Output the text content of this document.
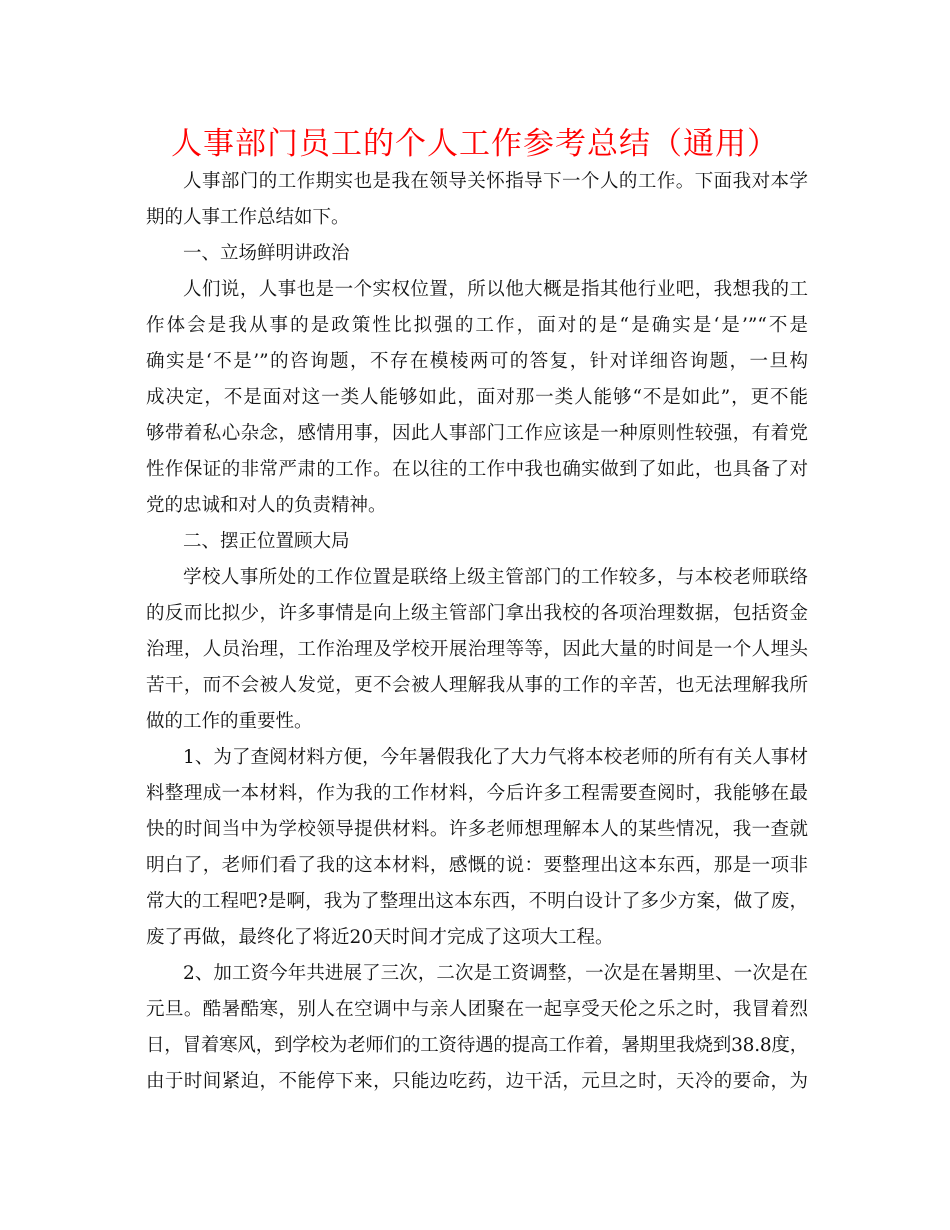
人事部门员工的个人工作参考总结（通用）
人事部门的工作期实也是我在领导关怀指导下一个人的工作。下面我对本学
期的人事工作总结如下。
一、立场鲜明讲政治
人们说，人事也是一个实权位置，所以他大概是指其他行业吧，我想我的工
作体会是我从事的是政策性比拟强的工作，面对的是“是确实是‘是’”“不是
确实是‘不是’”的咨询题，不存在模棱两可的答复，针对详细咨询题，一旦构
成决定，不是面对这一类人能够如此，面对那一类人能够“不是如此”，更不能
够带着私心杂念，感情用事，因此人事部门工作应该是一种原则性较强，有着党
性作保证的非常严肃的工作。在以往的工作中我也确实做到了如此，也具备了对
党的忠诚和对人的负责精神。
二、摆正位置顾大局
学校人事所处的工作位置是联络上级主管部门的工作较多，与本校老师联络
的反而比拟少，许多事情是向上级主管部门拿出我校的各项治理数据，包括资金
治理，人员治理，工作治理及学校开展治理等等，因此大量的时间是一个人埋头
苦干，而不会被人发觉，更不会被人理解我从事的工作的辛苦，也无法理解我所
做的工作的重要性。
1、为了查阅材料方便，今年暑假我化了大力气将本校老师的所有有关人事材
料整理成一本材料，作为我的工作材料，今后许多工程需要查阅时，我能够在最
快的时间当中为学校领导提供材料。许多老师想理解本人的某些情况，我一查就
明白了，老师们看了我的这本材料，感慨的说：要整理出这本东西，那是一项非
常大的工程吧?是啊，我为了整理出这本东西，不明白设计了多少方案，做了废，
废了再做，最终化了将近20天时间才完成了这项大工程。
2、加工资今年共进展了三次，二次是工资调整，一次是在暑期里、一次是在
元旦。酷暑酷寒，别人在空调中与亲人团聚在一起享受天伦之乐之时，我冒着烈
日，冒着寒风，到学校为老师们的工资待遇的提高工作着，暑期里我烧到38.8度，
由于时间紧迫，不能停下来，只能边吃药，边干活，元旦之时，天冷的要命，为
